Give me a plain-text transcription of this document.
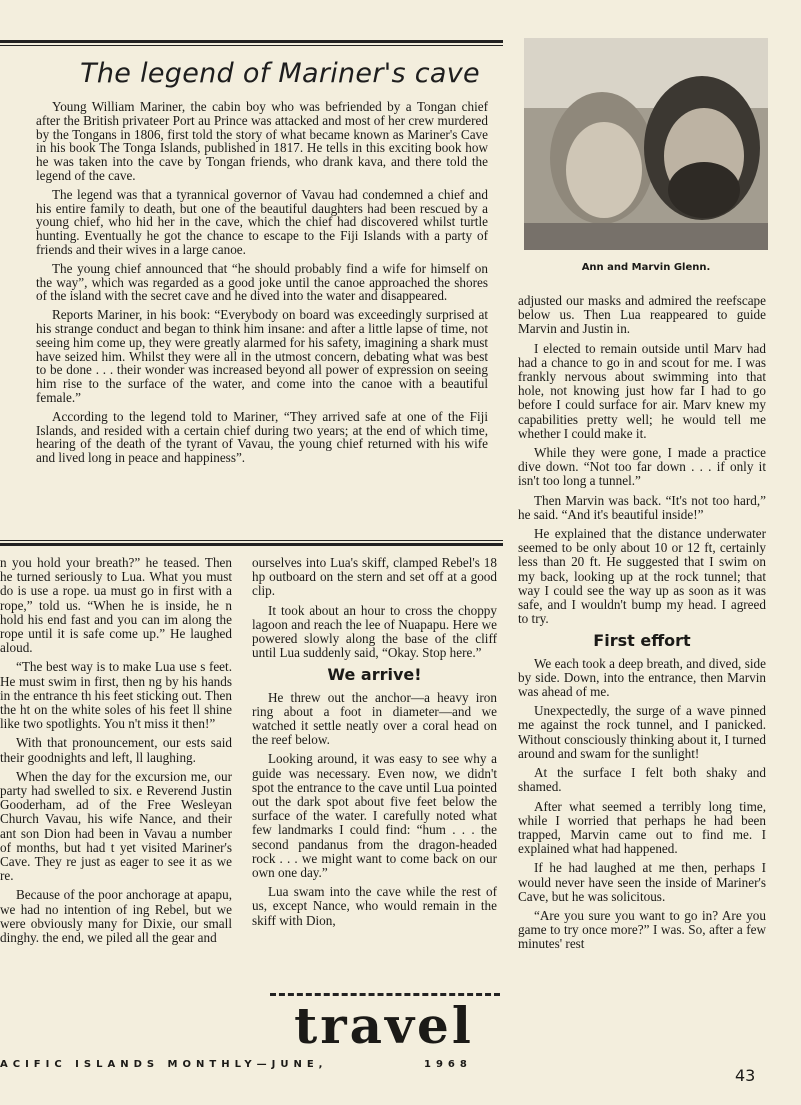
The legend of Mariner's cave

Young William Mariner, the cabin boy who was befriended by a Tongan chief after the British privateer Port au Prince was attacked and most of her crew murdered by the Tongans in 1806, first told the story of what became known as Mariner's Cave in his book The Tonga Islands, published in 1817. He tells in this exciting book how he was taken into the cave by Tongan friends, who drank kava, and there told the legend of the cave.

The legend was that a tyrannical governor of Vavau had condemned a chief and his entire family to death, but one of the beautiful daughters had been rescued by a young chief, who hid her in the cave, which the chief had discovered whilst turtle hunting. Eventually he got the chance to escape to the Fiji Islands with a party of friends and their wives in a large canoe.

The young chief announced that “he should probably find a wife for himself on the way”, which was regarded as a good joke until the canoe approached the shores of the island with the secret cave and he dived into the water and disappeared.

Reports Mariner, in his book: “Everybody on board was exceedingly surprised at his strange conduct and began to think him insane: and after a little lapse of time, not seeing him come up, they were greatly alarmed for his safety, imagining a shark must have seized him. Whilst they were all in the utmost concern, debating what was best to be done . . . their wonder was increased beyond all power of expression on seeing him rise to the surface of the water, and come into the canoe with a beautiful female.”

According to the legend told to Mariner, “They arrived safe at one of the Fiji Islands, and resided with a certain chief during two years; at the end of which time, hearing of the death of the tyrant of Vavau, the young chief returned with his wife and lived long in peace and happiness”.

Ann and Marvin Glenn.

n you hold your breath?” he teased. Then he turned seriously to Lua. What you must do is use a rope. ua must go in first with a rope,” told us. “When he is inside, he n hold his end fast and you can im along the rope until it is safe come up.” He laughed aloud.

“The best way is to make Lua use s feet. He must swim in first, then ng by his hands in the entrance th his feet sticking out. Then the ht on the white soles of his feet ll shine like two spotlights. You n't miss it then!”

With that pronouncement, our ests said their goodnights and left, ll laughing.

When the day for the excursion me, our party had swelled to six. e Reverend Justin Gooderham, ad of the Free Wesleyan Church Vavau, his wife Nance, and their ant son Dion had been in Vavau a number of months, but had t yet visited Mariner's Cave. They re just as eager to see it as we re.

Because of the poor anchorage at apapu, we had no intention of ing Rebel, but we were obviously many for Dixie, our small dinghy. the end, we piled all the gear and

ourselves into Lua's skiff, clamped Rebel's 18 hp outboard on the stern and set off at a good clip.

It took about an hour to cross the choppy lagoon and reach the lee of Nuapapu. Here we powered slowly along the base of the cliff until Lua suddenly said, “Okay. Stop here.”

We arrive!

He threw out the anchor—a heavy iron ring about a foot in diameter—and we watched it settle neatly over a coral head on the reef below.

Looking around, it was easy to see why a guide was necessary. Even now, we didn't spot the entrance to the cave until Lua pointed out the dark spot about five feet below the surface of the water. I carefully noted what few landmarks I could find: “hum . . . the second pandanus from the dragon-headed rock . . . we might want to come back on our own one day.”

Lua swam into the cave while the rest of us, except Nance, who would remain in the skiff with Dion,

adjusted our masks and admired the reefscape below us. Then Lua reappeared to guide Marvin and Justin in.

I elected to remain outside until Marv had had a chance to go in and scout for me. I was frankly nervous about swimming into that hole, not knowing just how far I had to go before I could surface for air. Marv knew my capabilities pretty well; he would tell me whether I could make it.

While they were gone, I made a practice dive down. “Not too far down . . . if only it isn't too long a tunnel.”

Then Marvin was back. “It's not too hard,” he said. “And it's beautiful inside!”

He explained that the distance underwater seemed to be only about 10 or 12 ft, certainly less than 20 ft. He suggested that I swim on my back, looking up at the rock tunnel; that way I could see the way up as soon as it was safe, and I wouldn't bump my head. I agreed to try.

First effort

We each took a deep breath, and dived, side by side. Down, into the entrance, then Marvin was ahead of me.

Unexpectedly, the surge of a wave pinned me against the rock tunnel, and I panicked. Without consciously thinking about it, I turned around and swam for the sunlight!

At the surface I felt both shaky and shamed.

After what seemed a terribly long time, while I worried that perhaps he had been trapped, Marvin came out to find me. I explained what had happened.

If he had laughed at me then, perhaps I would never have seen the inside of Mariner's Cave, but he was solicitous.

“Are you sure you want to go in? Are you game to try once more?” I was. So, after a few minutes' rest

travel
ACIFIC ISLANDS MONTHLY—JUNE,	1968
43
